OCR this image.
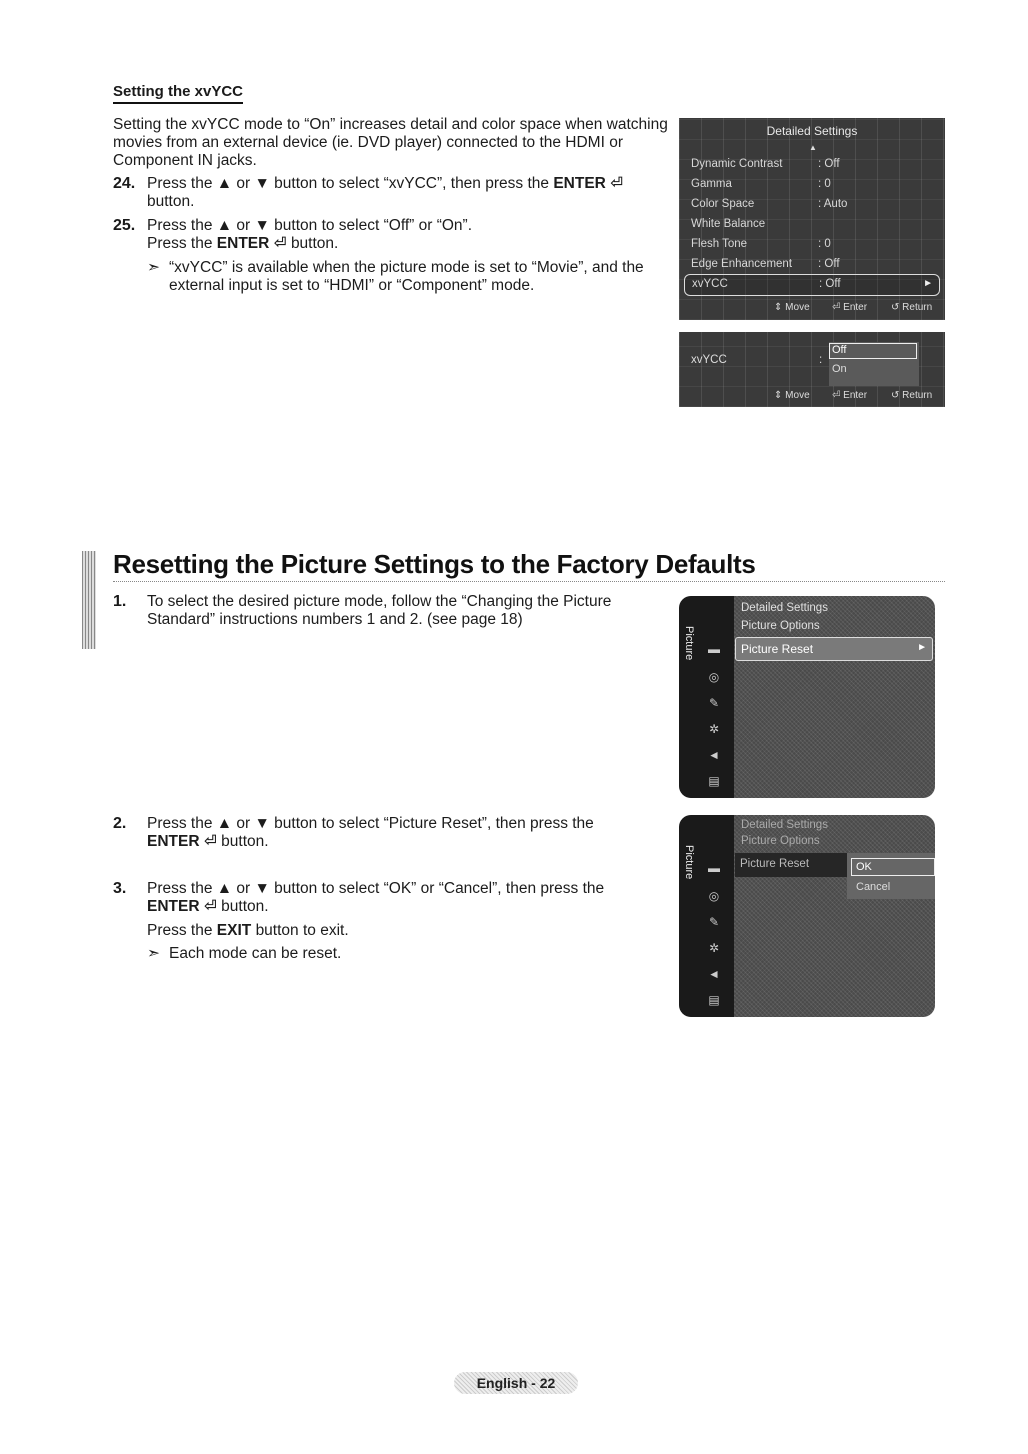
Setting the xvYCC
Setting the xvYCC mode to “On” increases detail and color space when watching
movies from an external device (ie. DVD player) connected to the HDMI or
Component IN jacks.
24. Press the ▲ or ▼ button to select “xvYCC”, then press the ENTER ⏎
button.
25. Press the ▲ or ▼ button to select “Off” or “On”.
Press the ENTER ⏎ button.
➣ “xvYCC” is available when the picture mode is set to “Movie”, and the
external input is set to “HDMI” or “Component” mode.
Detailed Settings
▲
Dynamic Contrast	: Off
Gamma	: 0
Color Space	: Auto
White Balance
Flesh Tone	: 0
Edge Enhancement : Off
xvYCC	: Off	►
⇕ Move ⏎ Enter ↺ Return
xvYCC	:
Off
On
⇕ Move ⏎ Enter ↺ Return
Resetting the Picture Settings to the Factory Defaults
1. To select the desired picture mode, follow the “Changing the Picture
Standard” instructions numbers 1 and 2. (see page 18)
Picture ▬
◎
✎
✲
◄
▤
Detailed Settings
Picture Options
Picture Reset	►
2. Press the ▲ or ▼ button to select “Picture Reset”, then press the
ENTER ⏎ button.
3. Press the ▲ or ▼ button to select “OK” or “Cancel”, then press the
ENTER ⏎ button.
Press the EXIT button to exit.
➣ Each mode can be reset.
Picture ▬
◎
✎
✲
◄
▤
Detailed Settings
Picture Options
Picture Reset	OK
Cancel
English - 22
